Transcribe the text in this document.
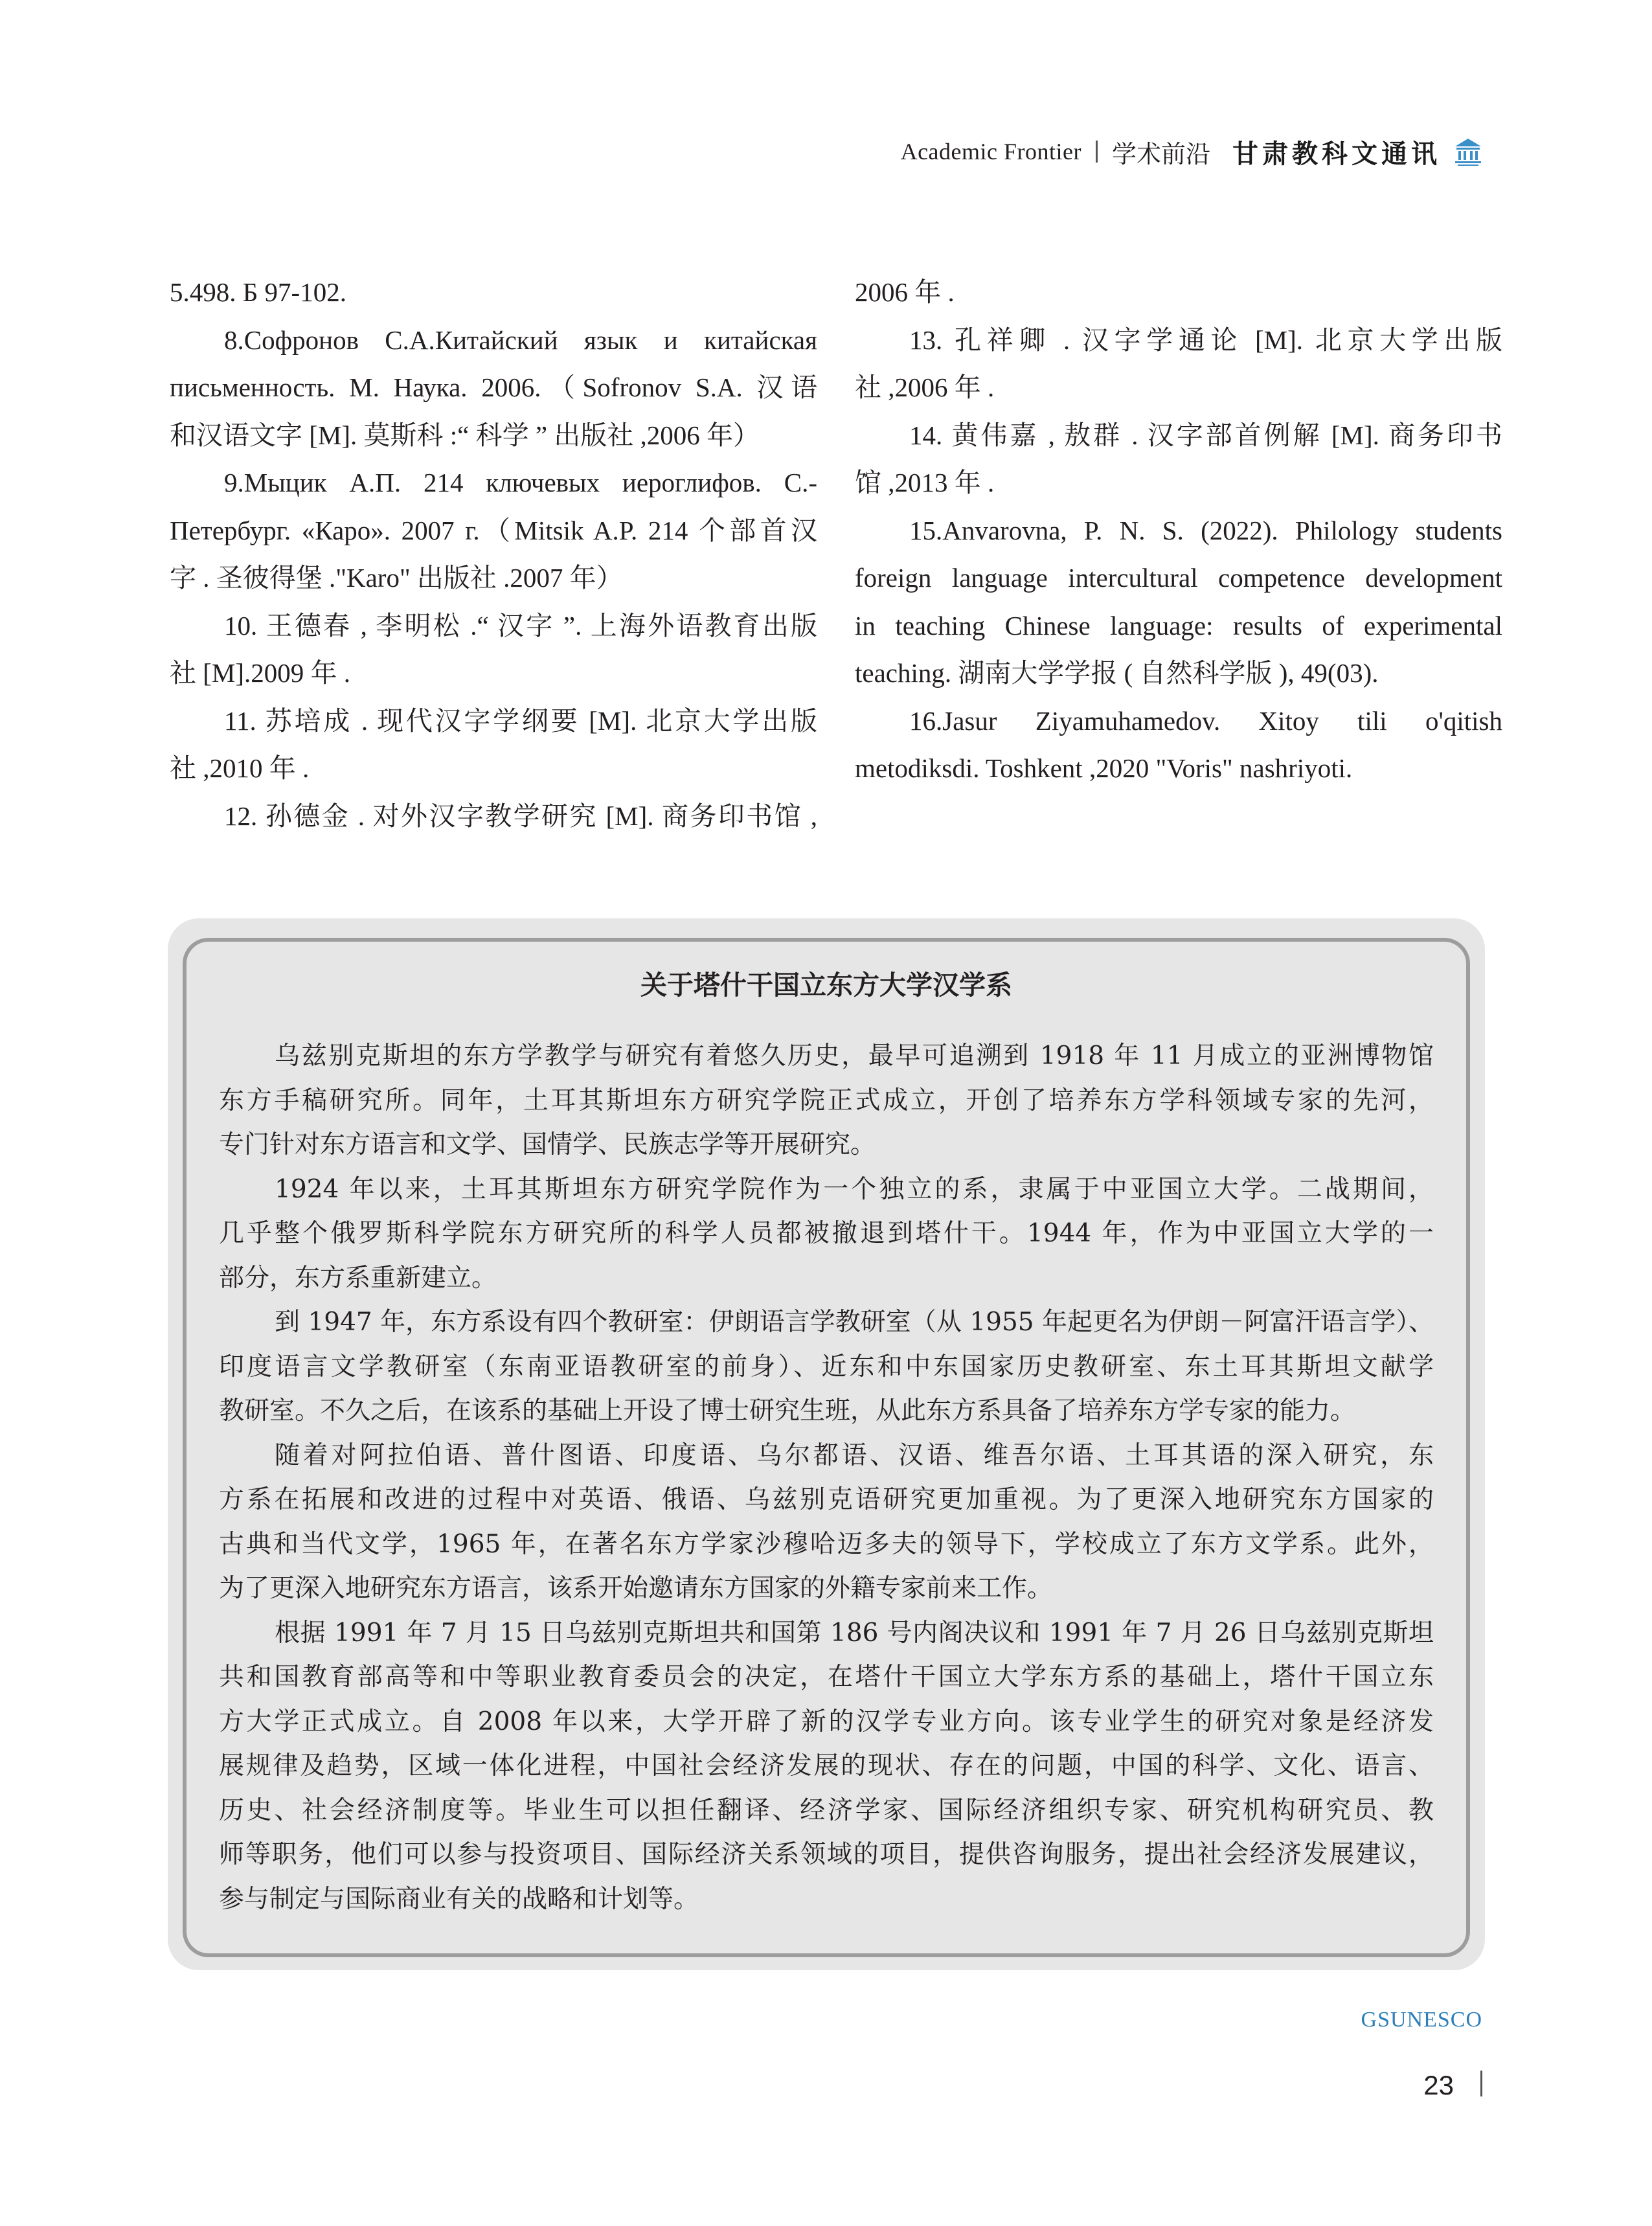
Academic Frontier 学术前沿 甘肃教科文通讯
5.498. Б 97-102.
8.Софронов С.А.Китайский язык и китайская
письменность. М. Наука. 2006.（Sofronov S.A. 汉语
和汉语文字 [M]. 莫斯科 :“ 科学 ” 出版社 ,2006 年）
9.Мыцик А.П. 214 ключевых иероглифов. С.-
Петербург. «Каро». 2007 г.（Mitsik A.P. 214 个部首汉
字 . 圣彼得堡 ."Karo" 出版社 .2007 年）
10. 王德春 , 李明松 .“ 汉字 ”. 上海外语教育出版
社 [M].2009 年 .
11. 苏培成 . 现代汉字学纲要 [M]. 北京大学出版
社 ,2010 年 .
12. 孙德金 . 对外汉字教学研究 [M]. 商务印书馆 ,
2006 年 .
13. 孔祥卿 . 汉字学通论 [M]. 北京大学出版
社 ,2006 年 .
14. 黄伟嘉 , 敖群 . 汉字部首例解 [M]. 商务印书
馆 ,2013 年 .
15.Anvarovna, P. N. S. (2022). Philology students
foreign language intercultural competence development
in teaching Chinese language: results of experimental
teaching. 湖南大学学报 ( 自然科学版 ), 49(03).
16.Jasur Ziyamuhamedov. Xitoy tili o'qitish
metodiksdi. Toshkent ,2020 "Voris" nashriyoti.
关于塔什干国立东方大学汉学系
乌兹别克斯坦的东方学教学与研究有着悠久历史，最早可追溯到 1918 年 11 月成立的亚洲博物馆
东方手稿研究所。同年，土耳其斯坦东方研究学院正式成立，开创了培养东方学科领域专家的先河，
专门针对东方语言和文学、国情学、民族志学等开展研究。
1924 年以来，土耳其斯坦东方研究学院作为一个独立的系，隶属于中亚国立大学。二战期间，
几乎整个俄罗斯科学院东方研究所的科学人员都被撤退到塔什干。1944 年，作为中亚国立大学的一
部分，东方系重新建立。
到 1947 年，东方系设有四个教研室：伊朗语言学教研室（从 1955 年起更名为伊朗－阿富汗语言学）、
印度语言文学教研室（东南亚语教研室的前身）、近东和中东国家历史教研室、东土耳其斯坦文献学
教研室。不久之后，在该系的基础上开设了博士研究生班，从此东方系具备了培养东方学专家的能力。
随着对阿拉伯语、普什图语、印度语、乌尔都语、汉语、维吾尔语、土耳其语的深入研究，东
方系在拓展和改进的过程中对英语、俄语、乌兹别克语研究更加重视。为了更深入地研究东方国家的
古典和当代文学，1965 年，在著名东方学家沙穆哈迈多夫的领导下，学校成立了东方文学系。此外，
为了更深入地研究东方语言，该系开始邀请东方国家的外籍专家前来工作。
根据 1991 年 7 月 15 日乌兹别克斯坦共和国第 186 号内阁决议和 1991 年 7 月 26 日乌兹别克斯坦
共和国教育部高等和中等职业教育委员会的决定，在塔什干国立大学东方系的基础上，塔什干国立东
方大学正式成立。自 2008 年以来，大学开辟了新的汉学专业方向。该专业学生的研究对象是经济发
展规律及趋势，区域一体化进程，中国社会经济发展的现状、存在的问题，中国的科学、文化、语言、
历史、社会经济制度等。毕业生可以担任翻译、经济学家、国际经济组织专家、研究机构研究员、教
师等职务，他们可以参与投资项目、国际经济关系领域的项目，提供咨询服务，提出社会经济发展建议，
参与制定与国际商业有关的战略和计划等。
GSUNESCO
23
